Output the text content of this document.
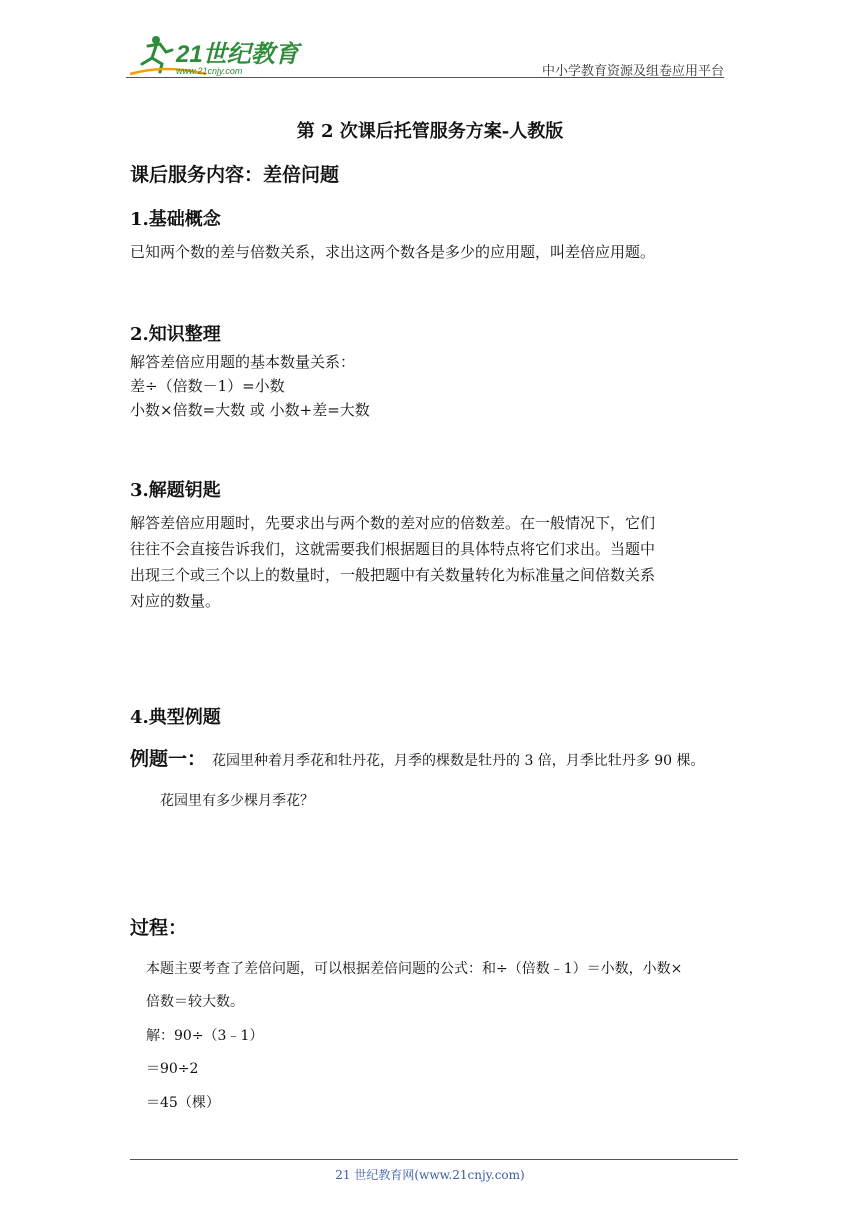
21世纪教育
www.21cnjy.com	中小学教育资源及组卷应用平台
第 2 次课后托管服务方案-人教版
课后服务内容：差倍问题
1.基础概念
已知两个数的差与倍数关系，求出这两个数各是多少的应用题，叫差倍应用题。
2.知识整理
解答差倍应用题的基本数量关系：
差÷（倍数－1）=小数
小数×倍数=大数 或 小数+差=大数
3.解题钥匙
解答差倍应用题时，先要求出与两个数的差对应的倍数差。在一般情况下，它们
往往不会直接告诉我们，这就需要我们根据题目的具体特点将它们求出。当题中
出现三个或三个以上的数量时，一般把题中有关数量转化为标准量之间倍数关系
对应的数量。
4.典型例题
例题一： 花园里种着月季花和牡丹花，月季的棵数是牡丹的 3 倍，月季比牡丹多 90 棵。
花园里有多少棵月季花？
过程：
本题主要考查了差倍问题，可以根据差倍问题的公式：和÷（倍数﹣1）＝小数，小数×
倍数＝较大数。
解：90÷（3﹣1）
＝90÷2
＝45（棵）
21 世纪教育网(www.21cnjy.com)
